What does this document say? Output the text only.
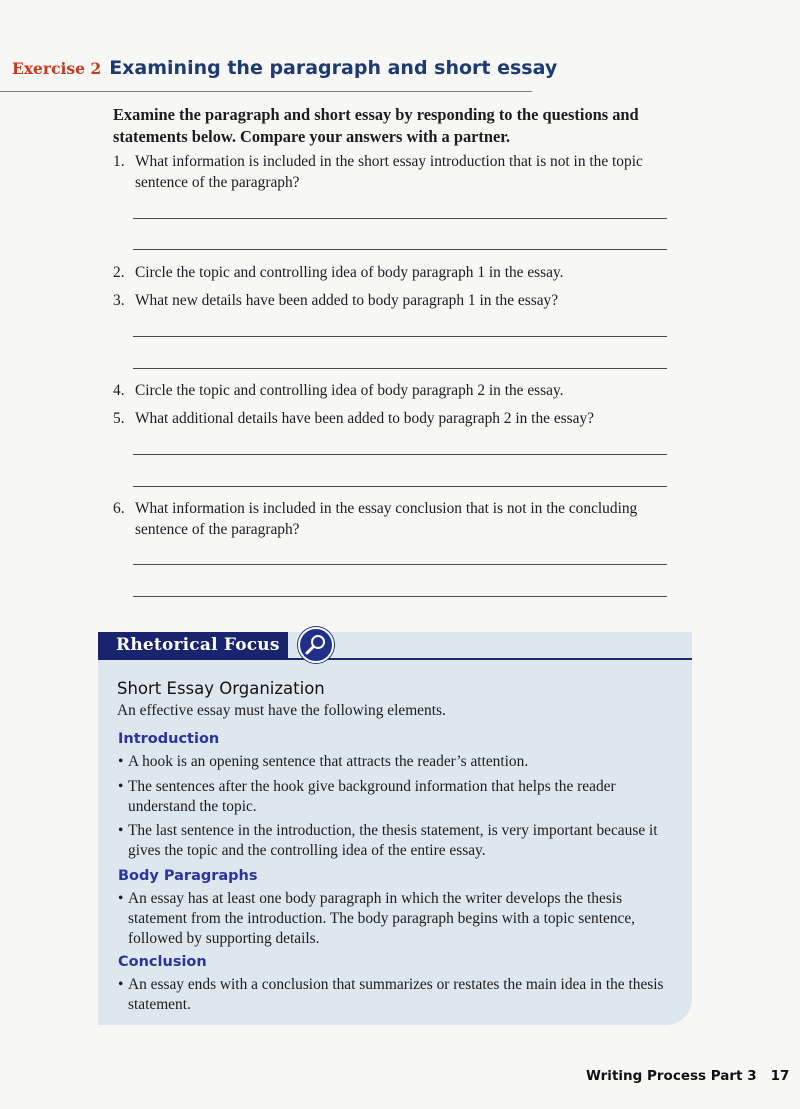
Exercise 2 Examining the paragraph and short essay
Examine the paragraph and short essay by responding to the questions and statements below. Compare your answers with a partner.
1. What information is included in the short essay introduction that is not in the topic sentence of the paragraph?
2. Circle the topic and controlling idea of body paragraph 1 in the essay.
3. What new details have been added to body paragraph 1 in the essay?
4. Circle the topic and controlling idea of body paragraph 2 in the essay.
5. What additional details have been added to body paragraph 2 in the essay?
6. What information is included in the essay conclusion that is not in the concluding sentence of the paragraph?
Rhetorical Focus
Short Essay Organization
An effective essay must have the following elements.
Introduction
• A hook is an opening sentence that attracts the reader’s attention.
• The sentences after the hook give background information that helps the reader understand the topic.
• The last sentence in the introduction, the thesis statement, is very important because it gives the topic and the controlling idea of the entire essay.
Body Paragraphs
• An essay has at least one body paragraph in which the writer develops the thesis statement from the introduction. The body paragraph begins with a topic sentence, followed by supporting details.
Conclusion
• An essay ends with a conclusion that summarizes or restates the main idea in the thesis statement.
Writing Process Part 3 17
